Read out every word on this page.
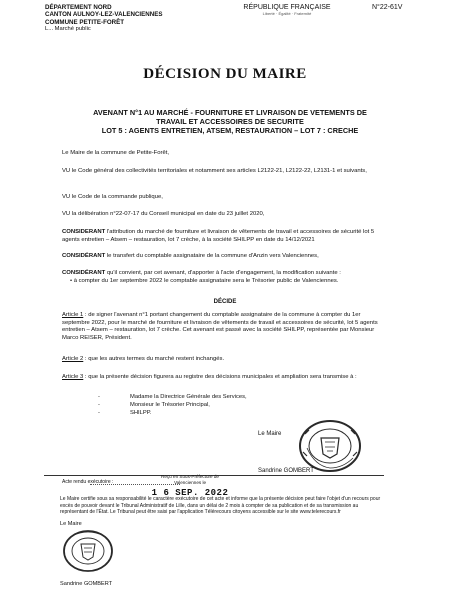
DÉPARTEMENT NORD
CANTON AULNOY-LEZ-VALENCIENNES
COMMUNE PETITE-FORÊT
L... Marché public
RÉPUBLIQUE FRANÇAISE
Liberté · Égalité · Fraternité
N°22-61V
DÉCISION DU MAIRE
AVENANT N°1 AU MARCHÉ - FOURNITURE ET LIVRAISON DE VETEMENTS DE
TRAVAIL ET ACCESSOIRES DE SECURITE
LOT 5 : AGENTS ENTRETIEN, ATSEM, RESTAURATION – LOT 7 : CRECHE
Le Maire de la commune de Petite-Forêt,
VU le Code général des collectivités territoriales et notamment ses articles L2122-21, L2122-22, L2131-1 et suivants,
VU le Code de la commande publique,
VU la délibération n°22-07-17 du Conseil municipal en date du 23 juillet 2020,
CONSIDERANT l'attribution du marché de fourniture et livraison de vêtements de travail et accessoires de sécurité lot 5 agents entretien – Atsem – restauration, lot 7 crèche, à la société SHILPP en date du 14/12/2021
CONSIDÉRANT le transfert du comptable assignataire de la commune d'Anzin vers Valenciennes,
CONSIDÉRANT qu'il convient, par cet avenant, d'apporter à l'acte d'engagement, la modification suivante :
• à compter du 1er septembre 2022 le comptable assignataire sera le Trésorier public de Valenciennes.
DÉCIDE
Article 1 : de signer l'avenant n°1 portant changement du comptable assignataire de la commune à compter du 1er septembre 2022, pour le marché de fourniture et livraison de vêtements de travail et accessoires de sécurité, lot 5 agents entretien – Atsem – restauration, lot 7 crèche. Cet avenant est passé avec la société SHILPP, représentée par Monsieur Marco REISER, Président.
Article 2 : que les autres termes du marché restent inchangés.
Article 3 : que la présente décision figurera au registre des décisions municipales et ampliation sera transmise à :
-	Madame la Directrice Générale des Services,
-	Monsieur le Trésorier Principal,
-	SHILPP.
Le Maire
Sandrine GOMBERT
Acte rendu exécutoire :
Reçu en Sous-Préfecture de Valenciennes le
1 6 SEP. 2022
Le Maire certifie sous sa responsabilité le caractère exécutoire de cet acte et informe que la présente décision peut faire l'objet d'un recours pour excès de pouvoir devant le Tribunal Administratif de Lille, dans un délai de 2 mois à compter de sa publication et de sa transmission au représentant de l'État. Le Tribunal peut être saisi par l'application Télérecours citoyens accessible sur le site www.telerecours.fr
Le Maire
Sandrine GOMBERT
